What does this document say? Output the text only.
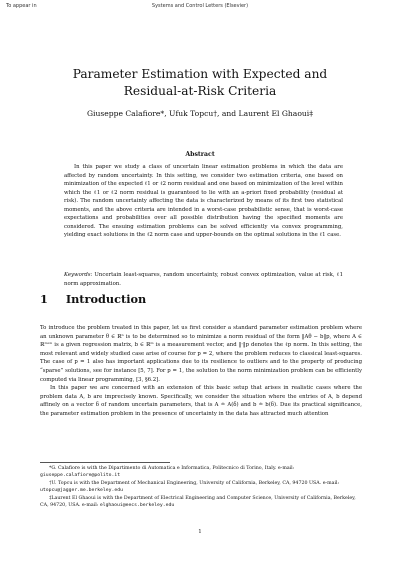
To appear in	Systems and Control Letters (Elsevier)
Parameter Estimation with Expected and
Residual-at-Risk Criteria
Giuseppe Calafiore*, Ufuk Topcu†, and Laurent El Ghaoui‡
Abstract

In this paper we study a class of uncertain linear estimation problems in which the data are affected by random uncertainty. In this setting, we consider two estimation criteria, one based on minimization of the expected ℓ1 or ℓ2 norm residual and one based on minimization of the level within which the ℓ1 or ℓ2 norm residual is guaranteed to lie with an a-priori fixed probability (residual at risk). The random uncertainty affecting the data is characterized by means of its first two statistical moments, and the above criteria are intended in a worst-case probabilistic sense, that is worst-case expectations and probabilities over all possible distribution having the specified moments are considered. The ensuing estimation problems can be solved efficiently via convex programming, yielding exact solutions in the ℓ2 norm case and upper-bounds on the optimal solutions in the ℓ1 case.

Keywords: Uncertain least-squares, random uncertainty, robust convex optimization, value at risk, ℓ1 norm approximation.
1 Introduction

To introduce the problem treated in this paper, let us first consider a standard parameter estimation problem where an unknown parameter θ ∈ ℝⁿ is to be determined so to minimize a norm residual of the form ‖Aθ − b‖p, where A ∈ ℝᵐˣⁿ is a given regression matrix, b ∈ ℝᵐ is a measurement vector, and ‖·‖p denotes the ℓp norm. In this setting, the most relevant and widely studied case arise of course for p = 2, where the problem reduces to classical least-squares. The case of p = 1 also has important applications due to its resilience to outliers and to the property of producing “sparse” solutions, see for instance [5, 7]. For p = 1, the solution to the norm minimization problem can be efficiently computed via linear programming, [3, §6.2].

In this paper we are concerned with an extension of this basic setup that arises in realistic cases where the problem data A, b are imprecisely known. Specifically, we consider the situation where the entries of A, b depend affinely on a vector δ of random uncertain parameters, that is A ≐ A(δ) and b ≐ b(δ). Due its practical significance, the parameter estimation problem in the presence of uncertainty in the data has attracted much attention

*G. Calafiore is with the Dipartimento di Automatica e Informatica, Politecnico di Torino, Italy. e-mail: giuseppe.calafiore@polito.it

†U. Topcu is with the Department of Mechanical Engineering, University of California, Berkeley, CA, 94720 USA. e-mail: utopcu@jagger.me.berkeley.edu

‡Laurent El Ghaoui is with the Department of Electrical Engineering and Computer Science, University of California, Berkeley, CA, 94720, USA. e-mail: elghaoui@eecs.berkeley.edu

1
